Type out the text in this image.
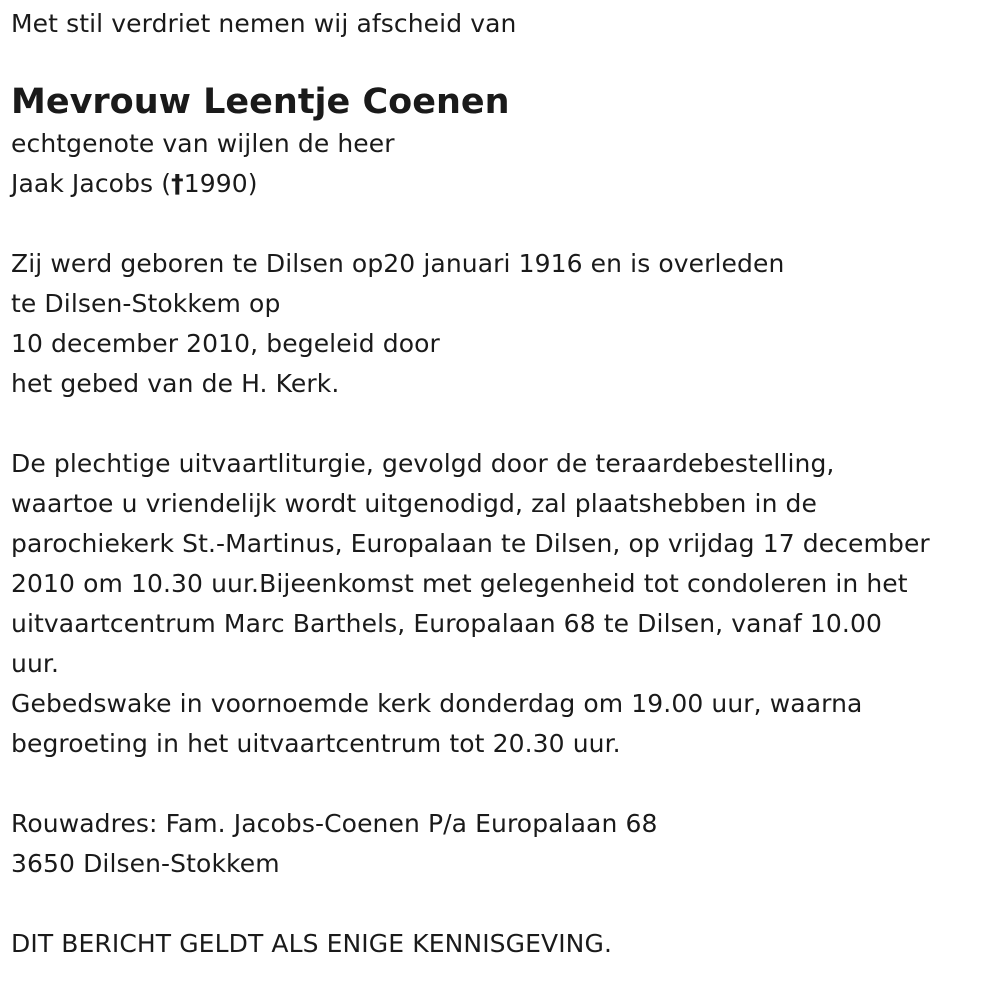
Met stil verdriet nemen wij afscheid van
Mevrouw Leentje Coenen
echtgenote van wijlen de heer
Jaak Jacobs (†1990)
Zij werd geboren te Dilsen op20 januari 1916 en is overleden
te Dilsen-Stokkem op
10 december 2010, begeleid door
het gebed van de H. Kerk.
De plechtige uitvaartliturgie, gevolgd door de teraardebestelling,
waartoe u vriendelijk wordt uitgenodigd, zal plaatshebben in de
parochiekerk St.-Martinus, Europalaan te Dilsen, op vrijdag 17 december
2010 om 10.30 uur.Bijeenkomst met gelegenheid tot condoleren in het
uitvaartcentrum Marc Barthels, Europalaan 68 te Dilsen, vanaf 10.00
uur.
Gebedswake in voornoemde kerk donderdag om 19.00 uur, waarna
begroeting in het uitvaartcentrum tot 20.30 uur.
Rouwadres: Fam. Jacobs-Coenen P/a Europalaan 68
3650 Dilsen-Stokkem
DIT BERICHT GELDT ALS ENIGE KENNISGEVING.
